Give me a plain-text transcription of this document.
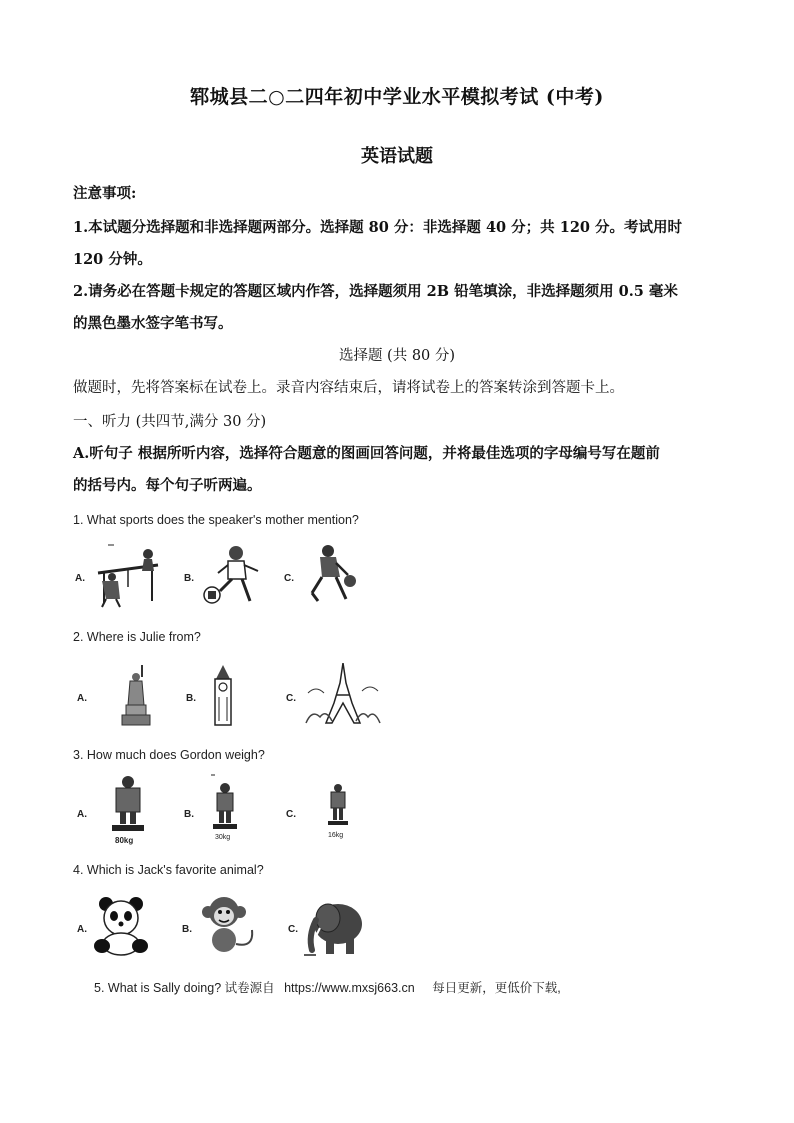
郓城县二○二四年初中学业水平模拟考试 (中考)
英语试题
注意事项:
1.本试题分选择题和非选择题两部分。选择题 80 分：非选择题 40 分；共 120 分。考试用时
120 分钟。
2.请务必在答题卡规定的答题区域内作答，选择题须用 2B 铅笔填涂，非选择题须用 0.5 毫米
的黑色墨水签字笔书写。
选择题 (共 80 分)
做题时，先将答案标在试卷上。录音内容结束后，请将试卷上的答案转涂到答题卡上。
一、听力 (共四节,满分 30 分)
A.听句子 根据所听内容，选择符合题意的图画回答问题，并将最佳选项的字母编号写在题前
的括号内。每个句子听两遍。
1. What sports does the speaker's mother mention?
A.	B.	C.
2. Where is Julie from?
A.	B.	C.
3. How much does Gordon weigh?
A.
80kg
B.
30kg
C.
16kg
4. Which is Jack's favorite animal?
A.	B.	C.
5. What is Sally doing? 试卷源自 https://www.mxsj663.cn 每日更新，更低价下载,
